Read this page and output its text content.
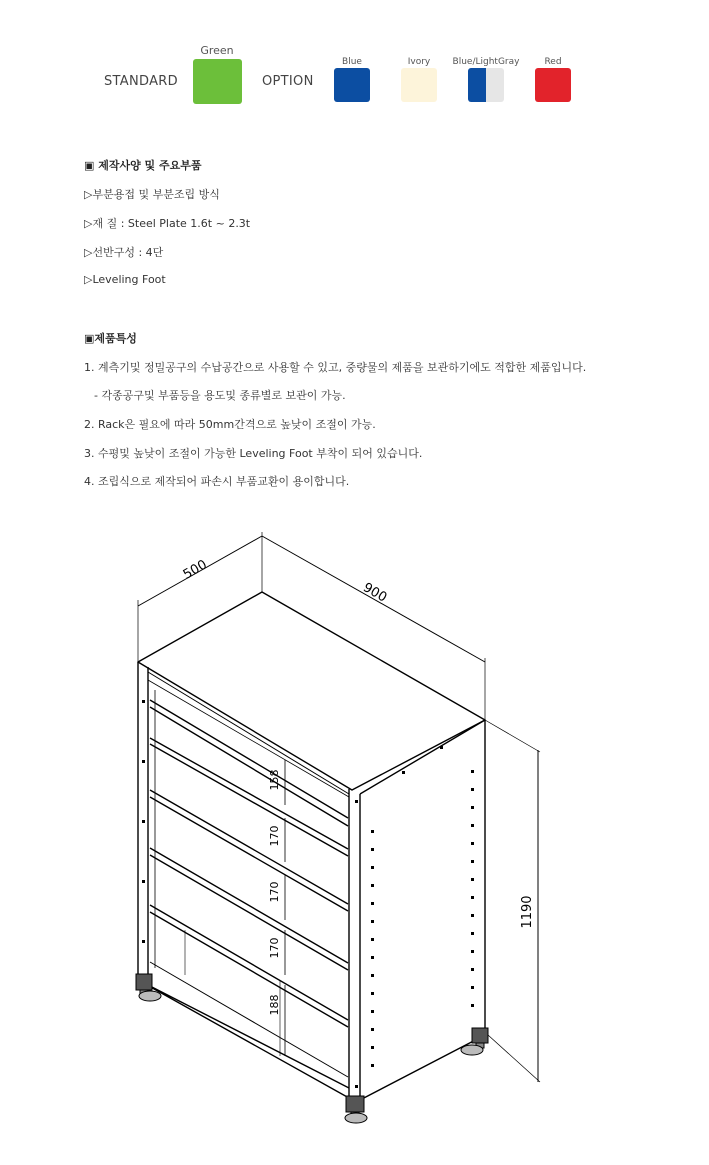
STANDARD
Green
OPTION
Blue	Ivory	Blue/LightGray	Red
▣ 제작사양 및 주요부품
▷부분용접 및 부분조립 방식
▷재 질 : Steel Plate 1.6t ~ 2.3t
▷선반구성 : 4단
▷Leveling Foot
▣제품특성
1. 계측기및 정밀공구의 수납공간으로 사용할 수 있고, 중량물의 제품을 보관하기에도 적합한 제품입니다.
- 각종공구및 부품등을 용도및 종류별로 보관이 가능.
2. Rack은 필요에 따라 50mm간격으로 높낮이 조절이 가능.
3. 수평및 높낮이 조절이 가능한 Leveling Foot 부착이 되어 있습니다.
4. 조립식으로 제작되어 파손시 부품교환이 용이합니다.
500
900
1190
158
170
170
170
188
